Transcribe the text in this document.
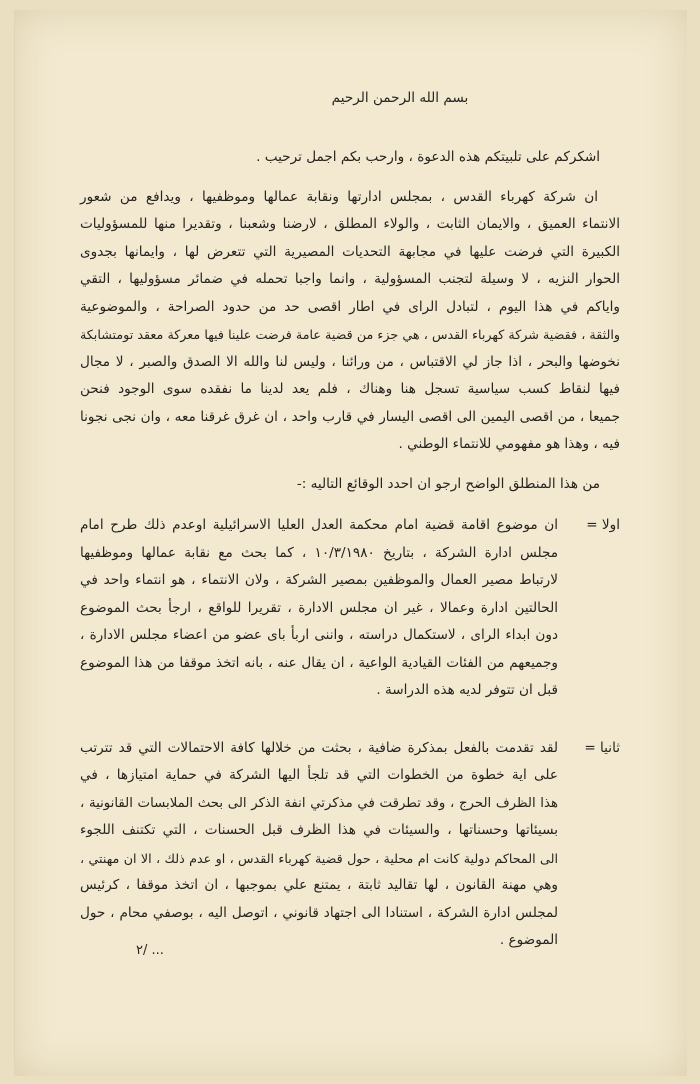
بسم الله الرحمن الرحيم
اشكركم على تلبيتكم هذه الدعوة ، وارحب بكم اجمل ترحيب .
ان شركة كهرباء القدس ، بمجلس ادارتها ونقابة عمالها وموظفيها ، ويدافع من شعور
الانتماء العميق ، والايمان الثابت ، والولاء المطلق ، لارضنا وشعبنا ، وتقديرا منها للمسؤوليات
الكبيرة التي فرضت عليها في مجابهة التحديات المصيرية التي تتعرض لها ، وايمانها بجدوى
الحوار النزيه ، لا وسيلة لتجنب المسؤولية ، وانما واجبا تحمله في ضمائر مسؤوليها ، التقي
واياكم في هذا اليوم ، لتبادل الراى في اطار اقصى حد من حدود الصراحة ، والموضوعية
والثقة ، فقضية شركة كهرباء القدس ، هي جزء من قضية عامة فرضت علينا فيها معركة معقد تومتشابكة
نخوضها والبحر ، اذا جاز لي الاقتباس ، من ورائنا ، وليس لنا والله الا الصدق والصبر ، لا مجال
فيها لنقاط كسب سياسية تسجل هنا وهناك ، فلم يعد لدينا ما نفقده سوى الوجود فنحن
جميعا ، من اقصى اليمين الى اقصى اليسار في قارب واحد ، ان غرق غرقنا معه ، وان نجى نجونا
فيه ، وهذا هو مفهومي للانتماء الوطني .
من هذا المنطلق الواضح ارجو ان احدد الوقائع التاليه :-
اولا =
ان موضوع اقامة قضية امام محكمة العدل العليا الاسرائيلية اوعدم ذلك طرح امام
مجلس ادارة الشركة ، بتاريخ ١٠/٣/١٩٨٠ ، كما بحث مع نقابة عمالها وموظفيها
لارتباط مصير العمال والموظفين بمصير الشركة ، ولان الانتماء ، هو انتماء واحد في
الحالتين ادارة وعمالا ، غير ان مجلس الادارة ، تقريرا للواقع ، ارجأ بحث الموضوع
دون ابداء الراى ، لاستكمال دراسته ، واننى اربأ باى عضو من اعضاء مجلس الادارة ،
وجميعهم من الفئات القيادية الواعية ، ان يقال عنه ، بانه اتخذ موقفا من هذا الموضوع
قبل ان تتوفر لديه هذه الدراسة .
ثانيا =
لقد تقدمت بالفعل بمذكرة ضافية ، بحثت من خلالها كافة الاحتمالات التي قد تترتب
على اية خطوة من الخطوات التي قد تلجأ اليها الشركة في حماية امتيازها ، في
هذا الظرف الحرج ، وقد تطرقت في مذكرتي انفة الذكر الى بحث الملابسات القانونية ،
بسيئاتها وحسناتها ، والسيئات في هذا الظرف قبل الحسنات ، التي تكتنف اللجوء
الى المحاكم دولية كانت ام محلية ، حول قضية كهرباء القدس ، او عدم ذلك ، الا ان مهنتي ،
وهي مهنة القانون ، لها تقاليد ثابتة ، يمتنع علي بموجبها ، ان اتخذ موقفا ، كرئيس
لمجلس ادارة الشركة ، استنادا الى اجتهاد قانوني ، اتوصل اليه ، بوصفي محام ، حول
الموضوع .
٢/ ...
